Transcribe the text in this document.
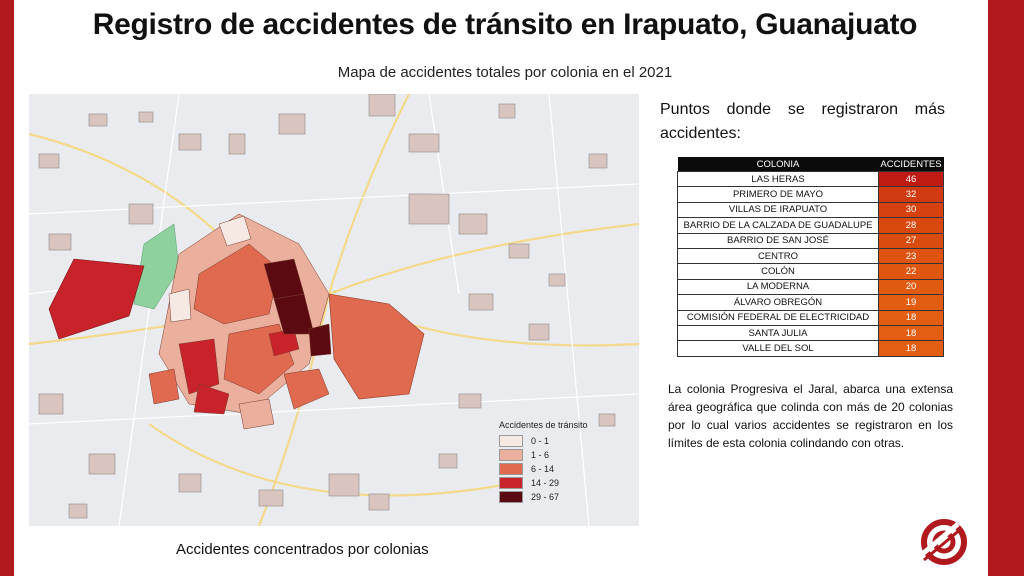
Registro de accidentes de tránsito en Irapuato, Guanajuato
Mapa de accidentes totales por colonia en el 2021
Accidentes de tránsito
0 - 1
1 - 6
6 - 14
14 - 29
29 - 67
Accidentes concentrados por colonias
Puntos donde se registraron más accidentes:
COLONIA	ACCIDENTES
LAS HERAS	46
PRIMERO DE MAYO	32
VILLAS DE IRAPUATO	30
BARRIO DE LA CALZADA DE GUADALUPE	28
BARRIO DE SAN JOSÉ	27
CENTRO	23
COLÓN	22
LA MODERNA	20
ÁLVARO OBREGÓN	19
COMISIÓN FEDERAL DE ELECTRICIDAD	18
SANTA JULIA	18
VALLE DEL SOL	18
La colonia Progresiva el Jaral, abarca una extensa área geográfica que colinda con más de 20 colonias por lo cual varios accidentes se registraron en los límites de esta colonia colindando con otras.
